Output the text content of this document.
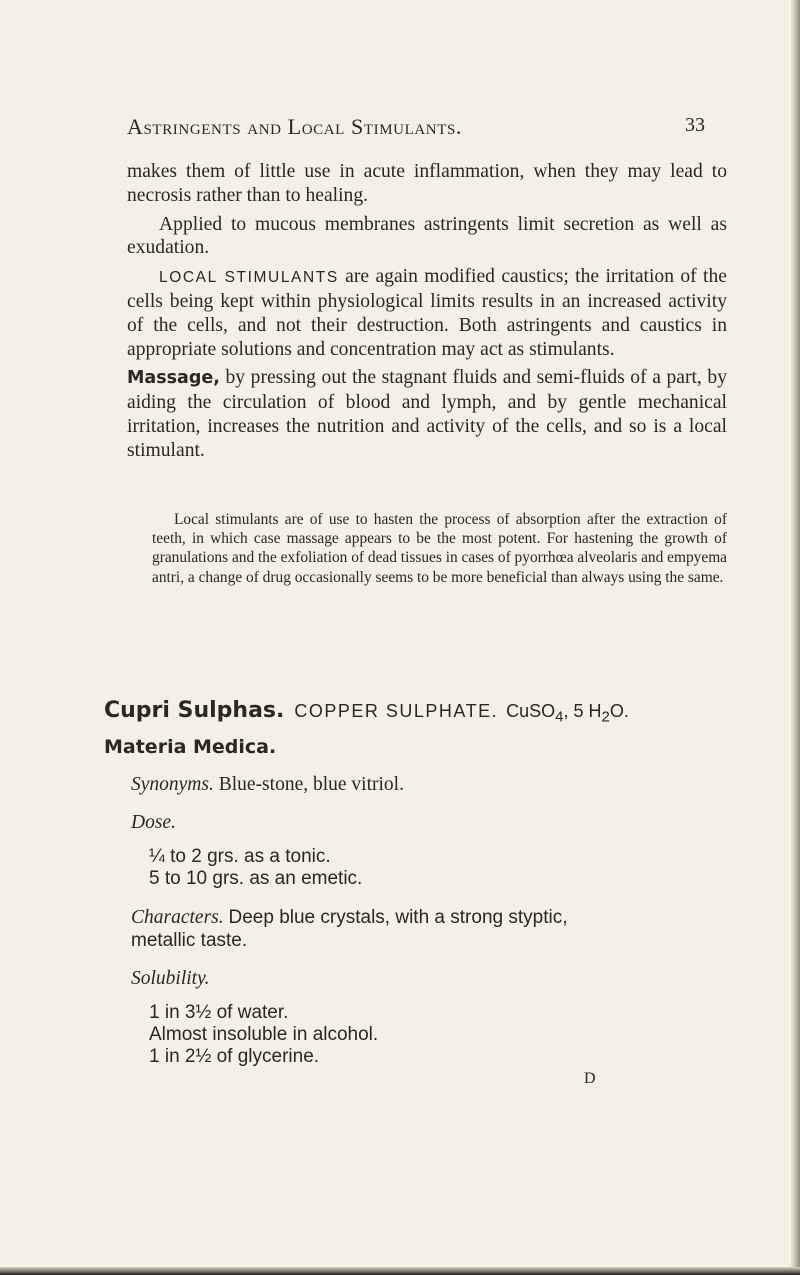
Astringents and Local Stimulants.	33

makes them of little use in acute inflammation, when they may lead to necrosis rather than to healing.

Applied to mucous membranes astringents limit secretion as well as exudation.

LOCAL STIMULANTS are again modified caustics; the irritation of the cells being kept within physiological limits results in an increased activity of the cells, and not their destruction. Both astringents and caustics in appropriate solutions and concentration may act as stimulants.

Massage, by pressing out the stagnant fluids and semi-fluids of a part, by aiding the circulation of blood and lymph, and by gentle mechanical irritation, increases the nutrition and activity of the cells, and so is a local stimulant.

Local stimulants are of use to hasten the process of absorption after the extraction of teeth, in which case massage appears to be the most potent. For hastening the growth of granulations and the exfoliation of dead tissues in cases of pyorrhœa alveolaris and empyema antri, a change of drug occasionally seems to be more beneficial than always using the same.

Cupri Sulphas. COPPER SULPHATE. CuSO$_4$, 5 $H_2O$.
Materia Medica.
Synonyms. Blue-stone, blue vitriol.
Dose.
¼ to 2 grs. as a tonic.
5 to 10 grs. as an emetic.
Characters. Deep blue crystals, with a strong styptic,
metallic taste.
Solubility.
1 in 3½ of water.
Almost insoluble in alcohol.
1 in 2½ of glycerine.
D
